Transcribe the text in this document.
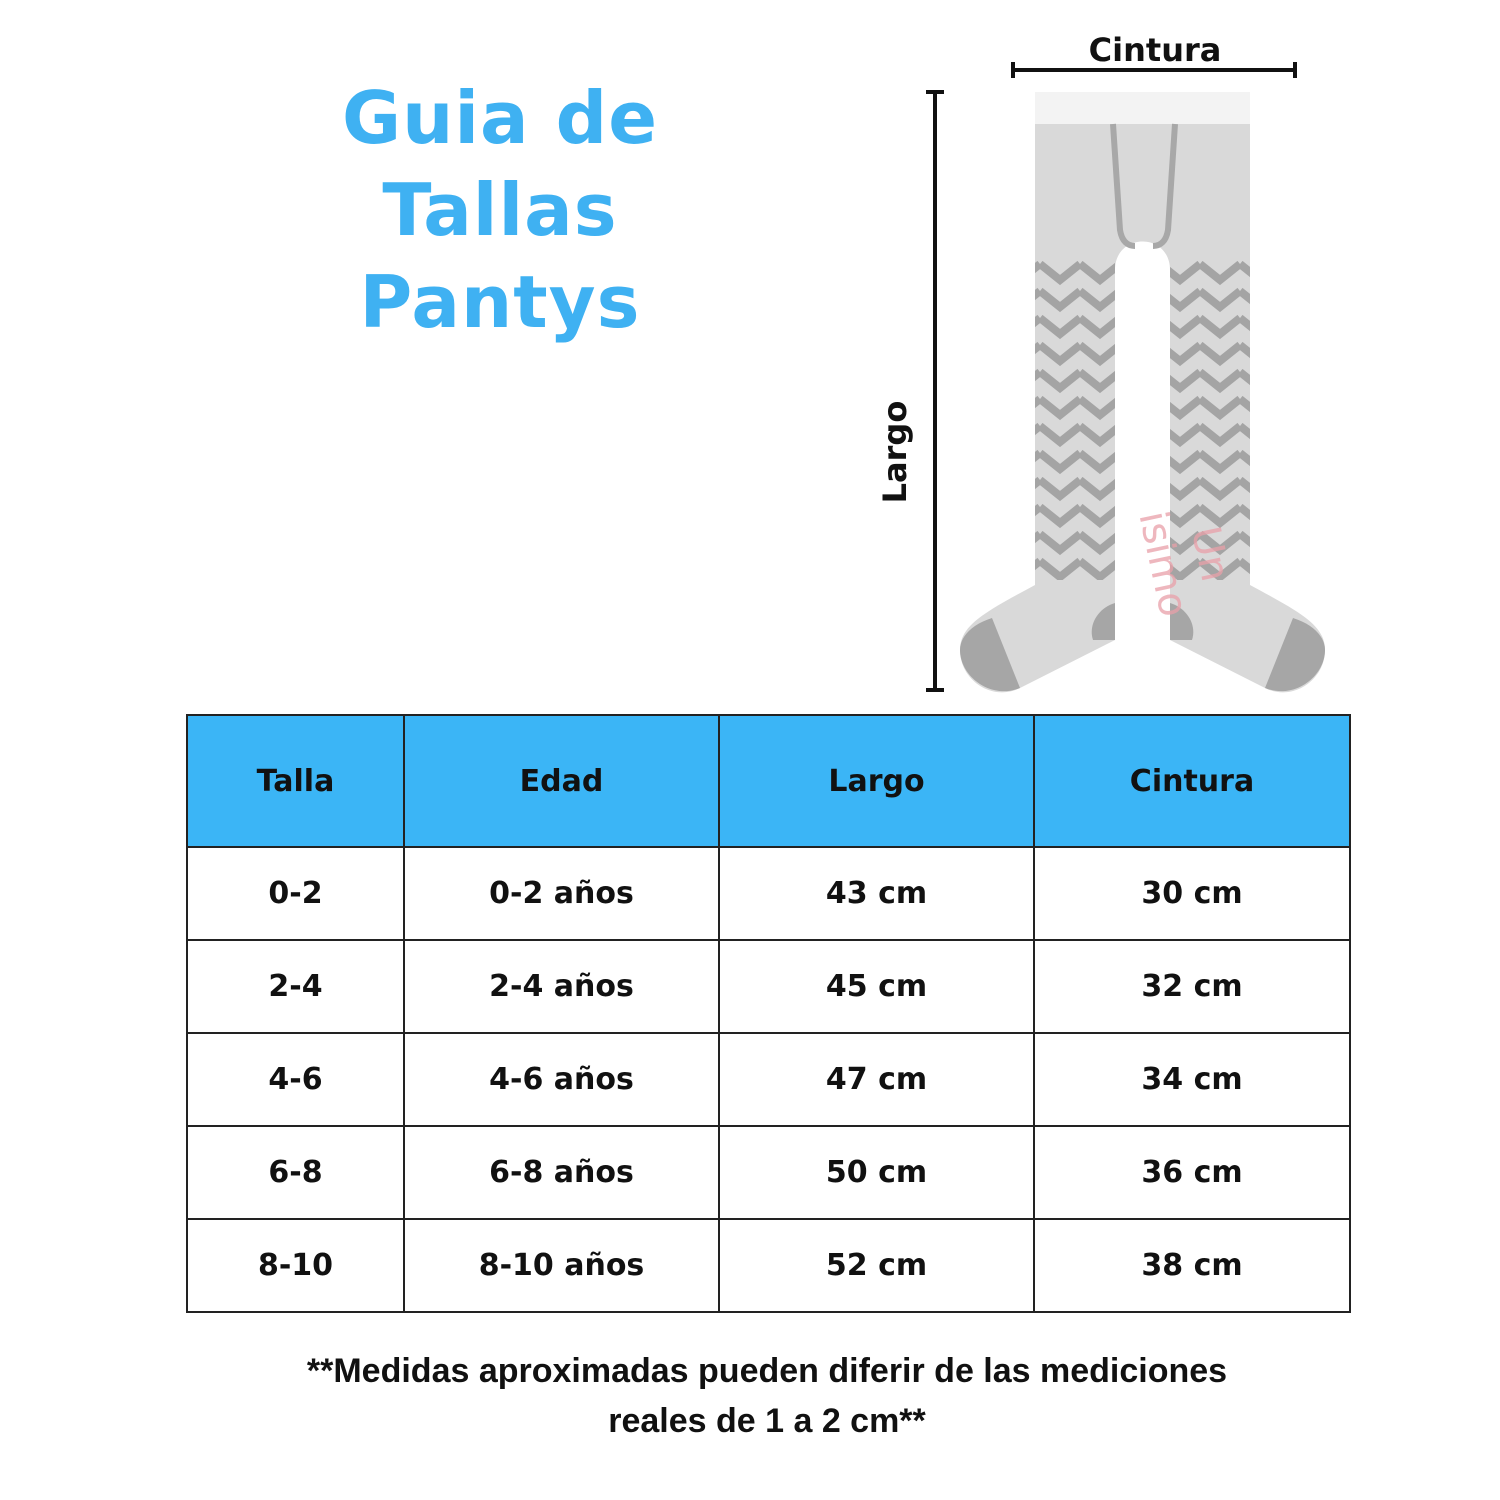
Guia de Tallas
Pantys
Cintura
Largo
Un isimo
Talla	Edad	Largo	Cintura
0-2	0-2 años	43 cm	30 cm
2-4	2-4 años	45 cm	32 cm
4-6	4-6 años	47 cm	34 cm
6-8	6-8 años	50 cm	36 cm
8-10	8-10 años	52 cm	38 cm
**Medidas aproximadas pueden diferir de las mediciones
reales de 1 a 2 cm**
